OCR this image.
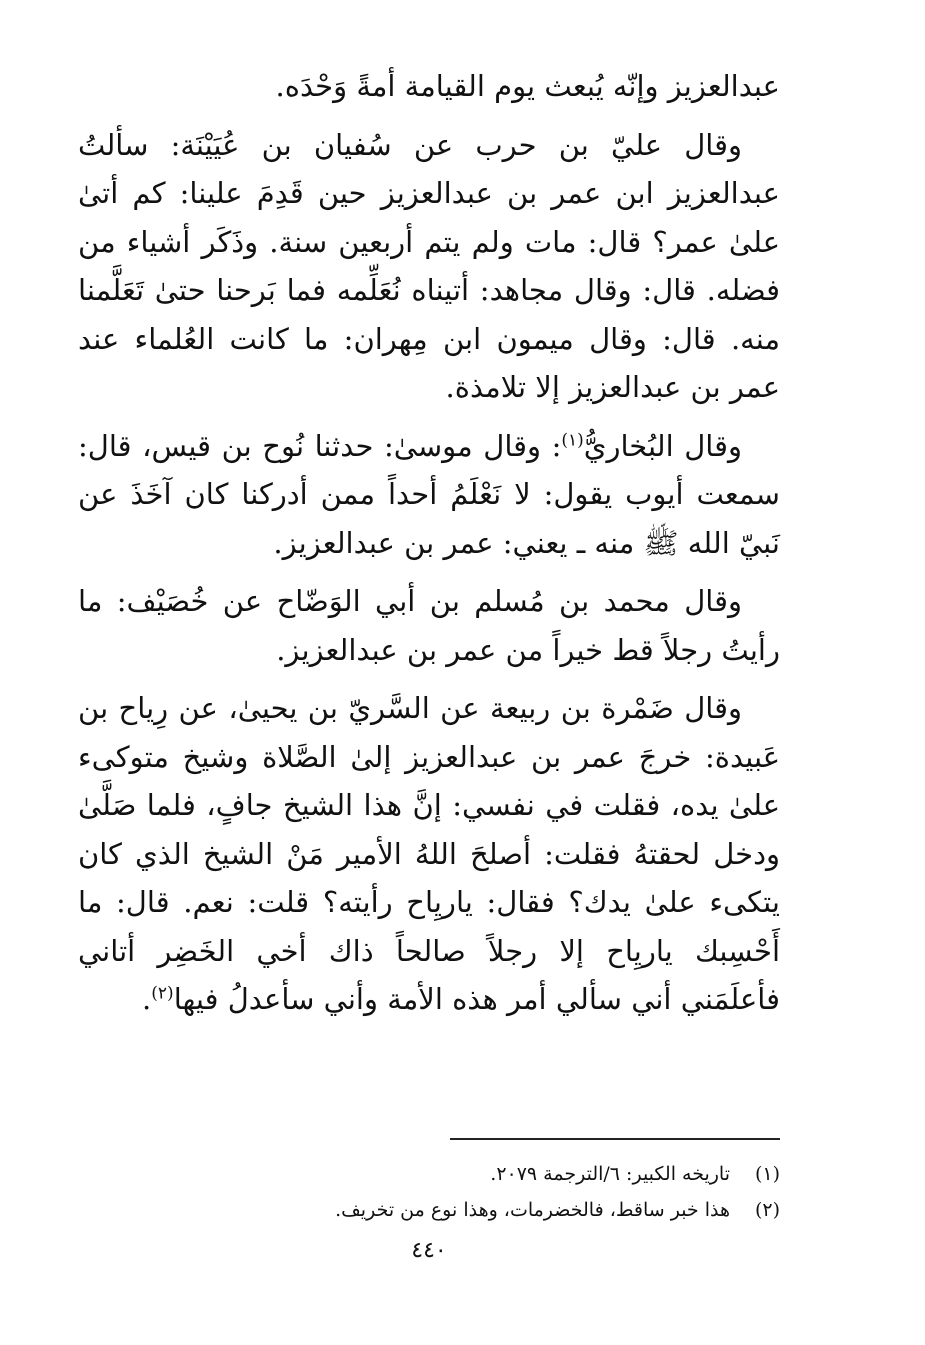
عبدالعزيز وإنّه يُبعث يوم القيامة أمةً وَحْدَه.

وقال عليّ بن حرب عن سُفيان بن عُيَيْنَة: سألتُ عبدالعزيز ابن عمر بن عبدالعزيز حين قَدِمَ علينا: كم أتىٰ علىٰ عمر؟ قال: مات ولم يتم أربعين سنة. وذَكَر أشياء من فضله. قال: وقال مجاهد: أتيناه نُعَلِّمه فما بَرحنا حتىٰ تَعَلَّمنا منه. قال: وقال ميمون ابن مِهران: ما كانت العُلماء عند عمر بن عبدالعزيز إلا تلامذة.

وقال البُخاريُّ$^{(١)}$: وقال موسىٰ: حدثنا نُوح بن قيس، قال: سمعت أيوب يقول: لا نَعْلَمُ أحداً ممن أدركنا كان آخَذَ عن نَبيّ الله ﷺ منه ـ يعني: عمر بن عبدالعزيز.

وقال محمد بن مُسلم بن أبي الوَضّاح عن خُصَيْف: ما رأيتُ رجلاً قط خيراً من عمر بن عبدالعزيز.

وقال ضَمْرة بن ربيعة عن السَّريّ بن يحيىٰ، عن رِياح بن عَبيدة: خرجَ عمر بن عبدالعزيز إلىٰ الصَّلاة وشيخ متوكىء علىٰ يده، فقلت في نفسي: إنَّ هذا الشيخ جافٍ، فلما صَلَّىٰ ودخل لحقتهُ فقلت: أصلحَ اللهُ الأمير مَنْ الشيخ الذي كان يتكىء علىٰ يدك؟ فقال: ياريِاح رأيته؟ قلت: نعم. قال: ما أَحْسِبك ياريِاح إلا رجلاً صالحاً ذاك أخي الخَضِر أتاني فأعلَمَني أني سألي أمر هذه الأمة وأني سأعدلُ فيها$^{(٢)}$.

(١)
تاريخه الكبير: ٦/الترجمة ٢٠٧٩.
(٢)
هذا خبر ساقط، فالخضرمات، وهذا نوع من تخريف.
٤٤٠
